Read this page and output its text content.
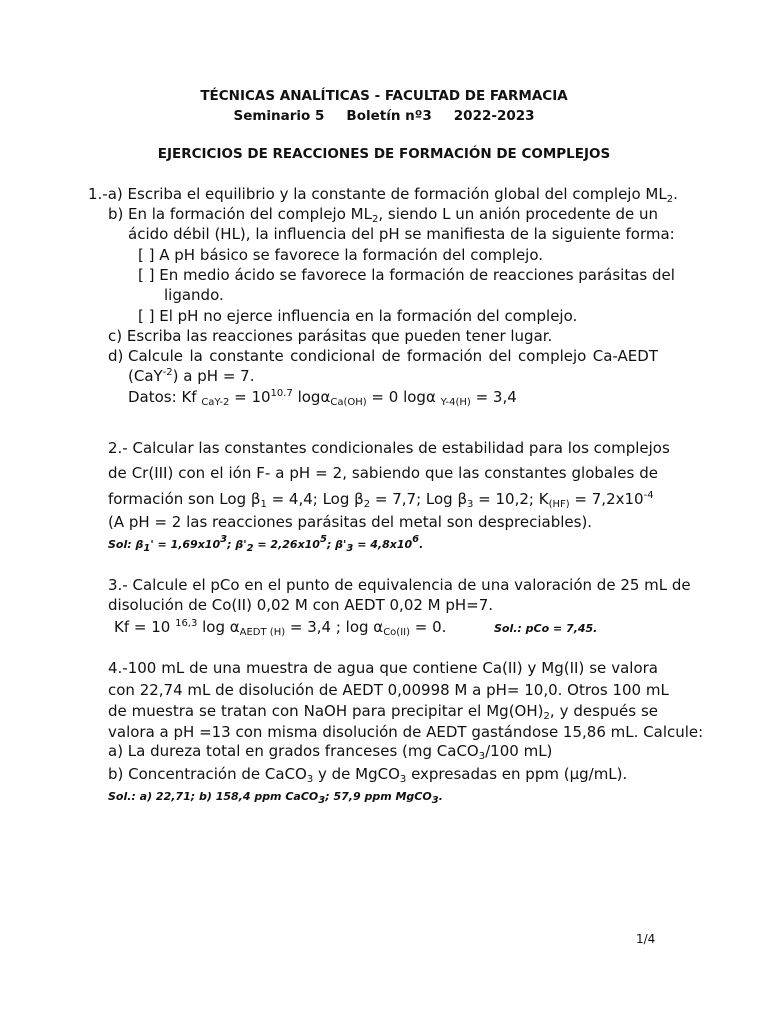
TÉCNICAS ANALÍTICAS - FACULTAD DE FARMACIA
Seminario 5 Boletín nº3 2022-2023
EJERCICIOS DE REACCIONES DE FORMACIÓN DE COMPLEJOS
1.-a) Escriba el equilibrio y la constante de formación global del complejo $ML_2$.
b) En la formación del complejo $ML_2$, siendo L un anión procedente de un
ácido débil (HL), la influencia del pH se manifiesta de la siguiente forma:
[ ] A pH básico se favorece la formación del complejo.
[ ] En medio ácido se favorece la formación de reacciones parásitas del
ligando.
[ ] El pH no ejerce influencia en la formación del complejo.
c) Escriba las reacciones parásitas que pueden tener lugar.
d) Calcule la constante condicional de formación del complejo Ca-AEDT
(CaY$^{-2}$) a pH = 7.
Datos: Kf $_{CaY-2} = 10^{10.7}$ logα$_{Ca(OH)}$ = 0 logα $_{Y-4(H)}$ = 3,4
2.- Calcular las constantes condicionales de estabilidad para los complejos
de Cr(III) con el ión F- a pH = 2, sabiendo que las constantes globales de
formación son Log $\beta_1 = 4,4$; Log $\beta_2 = 7,7$; Log $\beta_3 = 10,2$; $K_{(HF)} = 7,2x10^{-4}$
(A pH = 2 las reacciones parásitas del metal son despreciables).
Sol: $\beta_1' = 1,69x10^3$; $\beta'_2 = 2,26x10^5$; $\beta'_3 = 4,8x10^6$.
3.- Calcule el pCo en el punto de equivalencia de una valoración de 25 mL de
disolución de Co(II) 0,02 M con AEDT 0,02 M pH=7.
Kf = 10 $^{16,3}$ $\log \alpha_{AEDT (H)} = 3,4$ ; $\log \alpha_{Co(II)} = 0$.	Sol.: pCo = 7,45.
4.-100 mL de una muestra de agua que contiene Ca(II) y Mg(II) se valora
con 22,74 mL de disolución de AEDT 0,00998 M a pH= 10,0. Otros 100 mL
de muestra se tratan con NaOH para precipitar el $Mg(OH)_2$, y después se
valora a pH =13 con misma disolución de AEDT gastándose 15,86 mL. Calcule:
a) La dureza total en grados franceses (mg CaCO$_3$/100 mL)
b) Concentración de CaCO$_3$ y de MgCO$_3$ expresadas en ppm (μg/mL).
Sol.: a) 22,71; b) 158,4 ppm CaCO$_3$; 57,9 ppm MgCO$_3$.
1/4
